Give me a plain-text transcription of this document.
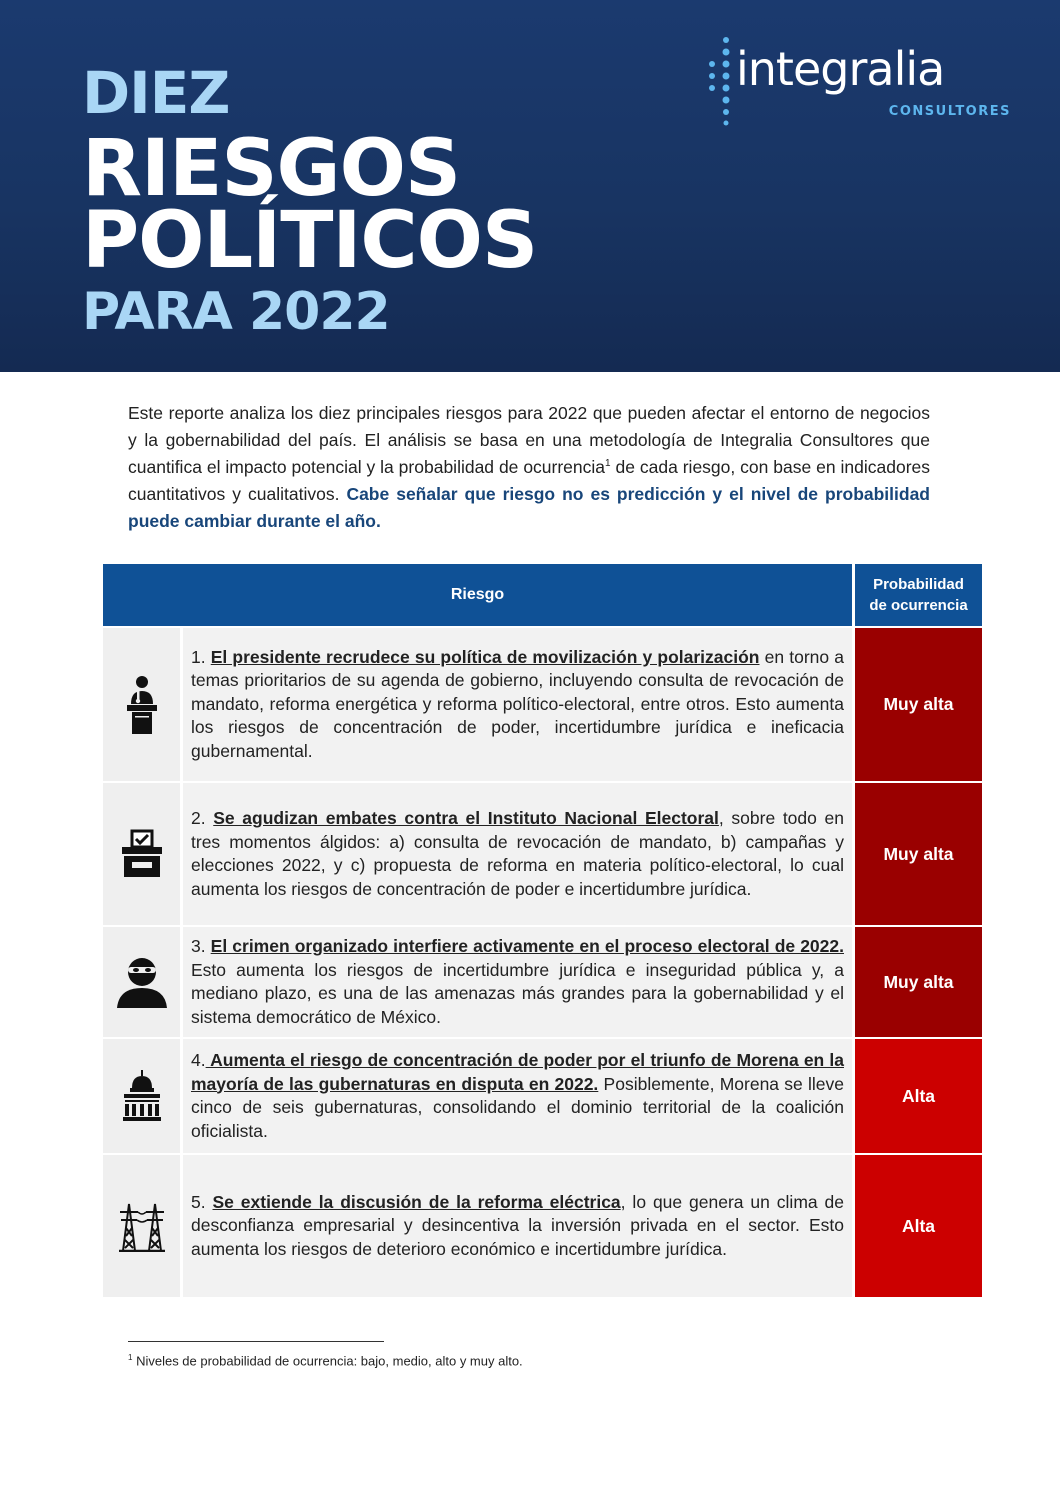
DIEZ
RIESGOS
POLÍTICOS
PARA 2022
integralia
CONSULTORES
Este reporte analiza los diez principales riesgos para 2022 que pueden afectar el entorno de negocios y la gobernabilidad del país. El análisis se basa en una metodología de Integralia Consultores que cuantifica el impacto potencial y la probabilidad de ocurrencia$^1$ de cada riesgo, con base en indicadores cuantitativos y cualitativos. Cabe señalar que riesgo no es predicción y el nivel de probabilidad puede cambiar durante el año.
Riesgo
Probabilidad
de ocurrencia

1. El presidente recrudece su política de movilización y polarización en torno a temas prioritarios de su agenda de gobierno, incluyendo consulta de revocación de mandato, reforma energética y reforma político-electoral, entre otros. Esto aumenta los riesgos de concentración de poder, incertidumbre jurídica e ineficacia gubernamental.

Muy alta

2. Se agudizan embates contra el Instituto Nacional Electoral, sobre todo en tres momentos álgidos: a) consulta de revocación de mandato, b) campañas y elecciones 2022, y c) propuesta de reforma en materia político-electoral, lo cual aumenta los riesgos de concentración de poder e incertidumbre jurídica.

Muy alta

3. El crimen organizado interfiere activamente en el proceso electoral de 2022. Esto aumenta los riesgos de incertidumbre jurídica e inseguridad pública y, a mediano plazo, es una de las amenazas más grandes para la gobernabilidad y el sistema democrático de México.

Muy alta

4. Aumenta el riesgo de concentración de poder por el triunfo de Morena en la mayoría de las gubernaturas en disputa en 2022. Posiblemente, Morena se lleve cinco de seis gubernaturas, consolidando el dominio territorial de la coalición oficialista.

Alta

5. Se extiende la discusión de la reforma eléctrica, lo que genera un clima de desconfianza empresarial y desincentiva la inversión privada en el sector. Esto aumenta los riesgos de deterioro económico e incertidumbre jurídica.

Alta
$^1$ Niveles de probabilidad de ocurrencia: bajo, medio, alto y muy alto.
